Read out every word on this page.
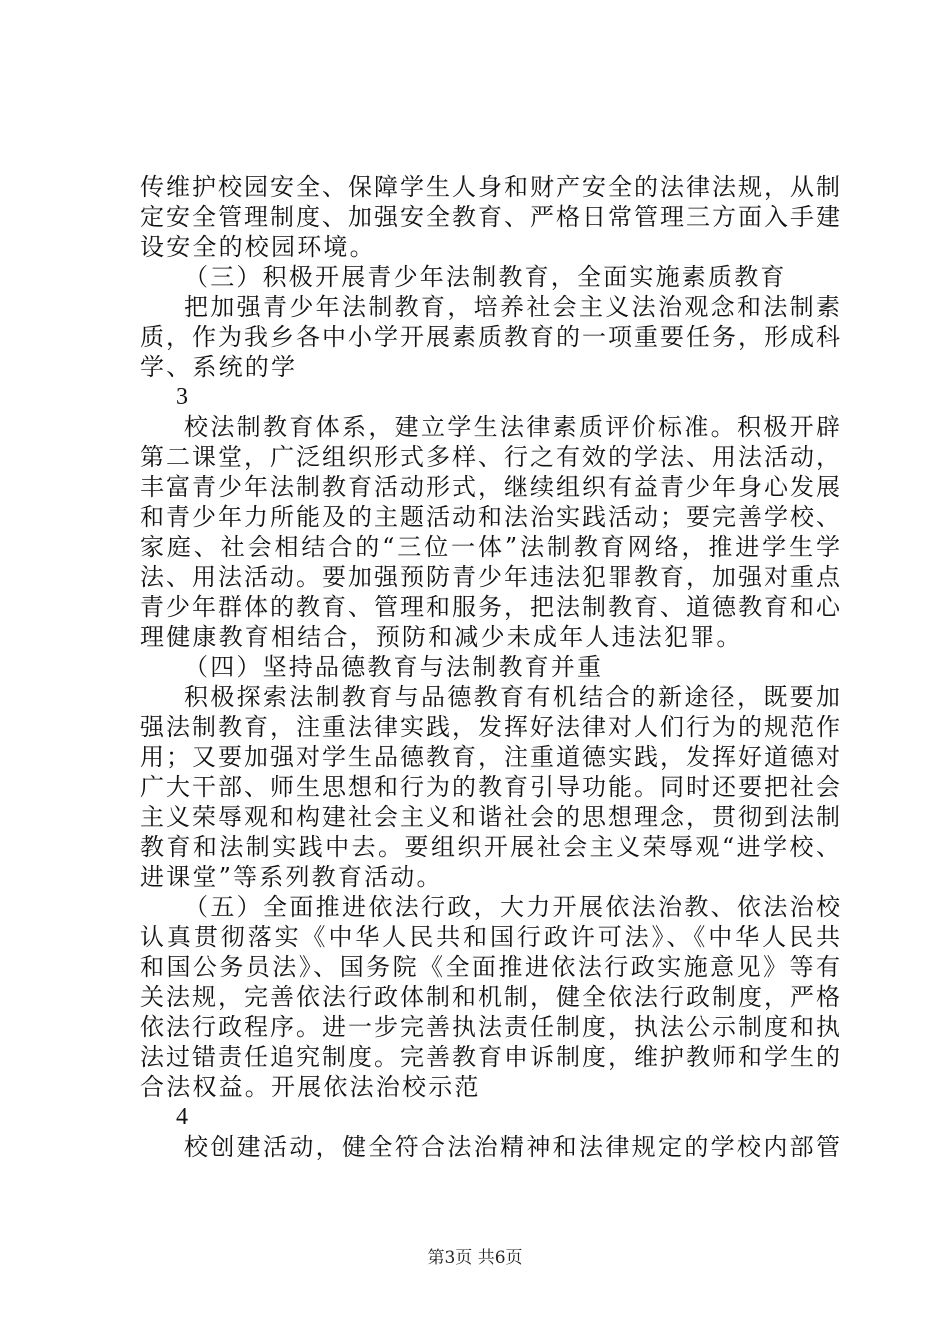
传维护校园安全、保障学生人身和财产安全的法律法规，从制
定安全管理制度、加强安全教育、严格日常管理三方面入手建
设安全的校园环境。
（三）积极开展青少年法制教育，全面实施素质教育
把加强青少年法制教育，培养社会主义法治观念和法制素
质，作为我乡各中小学开展素质教育的一项重要任务，形成科
学、系统的学
3
校法制教育体系，建立学生法律素质评价标准。积极开辟
第二课堂，广泛组织形式多样、行之有效的学法、用法活动，
丰富青少年法制教育活动形式，继续组织有益青少年身心发展
和青少年力所能及的主题活动和法治实践活动；要完善学校、
家庭、社会相结合的“三位一体”法制教育网络，推进学生学
法、用法活动。要加强预防青少年违法犯罪教育，加强对重点
青少年群体的教育、管理和服务，把法制教育、道德教育和心
理健康教育相结合，预防和减少未成年人违法犯罪。
（四）坚持品德教育与法制教育并重
积极探索法制教育与品德教育有机结合的新途径，既要加
强法制教育，注重法律实践，发挥好法律对人们行为的规范作
用；又要加强对学生品德教育，注重道德实践，发挥好道德对
广大干部、师生思想和行为的教育引导功能。同时还要把社会
主义荣辱观和构建社会主义和谐社会的思想理念，贯彻到法制
教育和法制实践中去。要组织开展社会主义荣辱观“进学校、
进课堂”等系列教育活动。
（五）全面推进依法行政，大力开展依法治教、依法治校
认真贯彻落实《中华人民共和国行政许可法》、《中华人民共
和国公务员法》、国务院《全面推进依法行政实施意见》等有
关法规，完善依法行政体制和机制，健全依法行政制度，严格
依法行政程序。进一步完善执法责任制度，执法公示制度和执
法过错责任追究制度。完善教育申诉制度，维护教师和学生的
合法权益。开展依法治校示范
4
校创建活动，健全符合法治精神和法律规定的学校内部管
第3页 共6页
